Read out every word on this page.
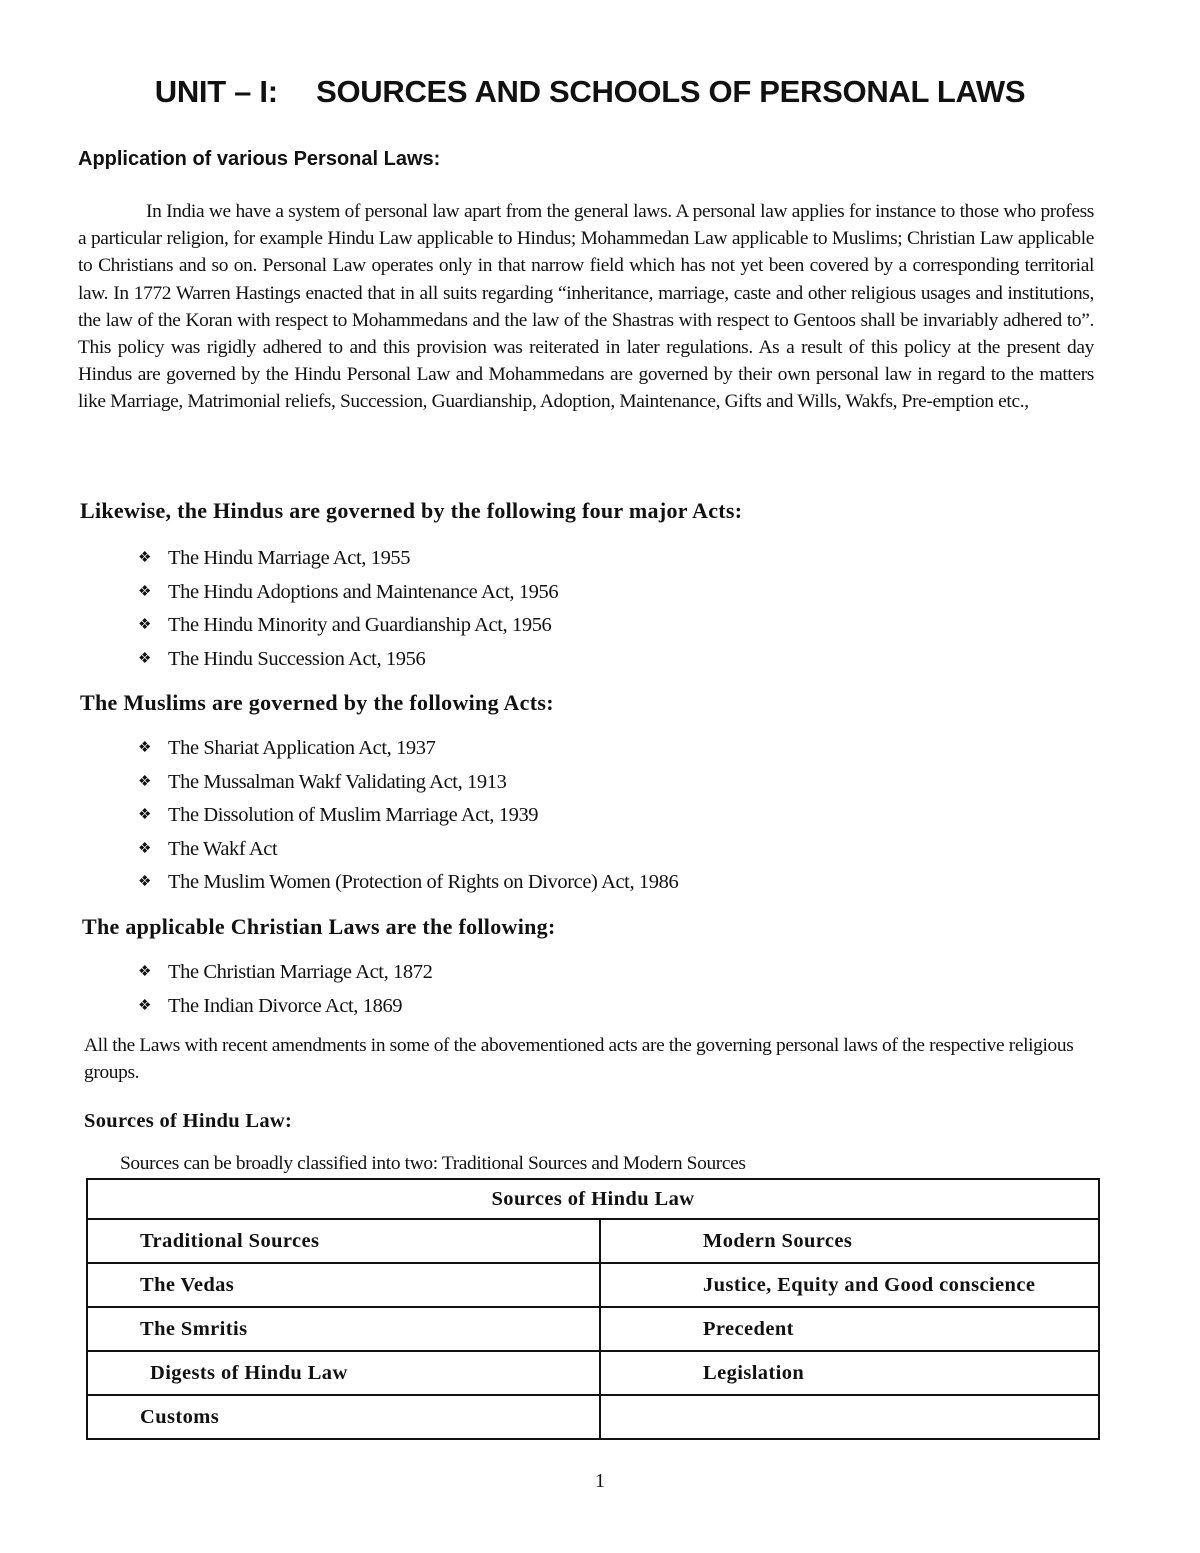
UNIT – I: SOURCES AND SCHOOLS OF PERSONAL LAWS
Application of various Personal Laws:
In India we have a system of personal law apart from the general laws. A personal law applies for instance to those who profess a particular religion, for example Hindu Law applicable to Hindus; Mohammedan Law applicable to Muslims; Christian Law applicable to Christians and so on. Personal Law operates only in that narrow field which has not yet been covered by a corresponding territorial law. In 1772 Warren Hastings enacted that in all suits regarding “inheritance, marriage, caste and other religious usages and institutions, the law of the Koran with respect to Mohammedans and the law of the Shastras with respect to Gentoos shall be invariably adhered to”. This policy was rigidly adhered to and this provision was reiterated in later regulations. As a result of this policy at the present day Hindus are governed by the Hindu Personal Law and Mohammedans are governed by their own personal law in regard to the matters like Marriage, Matrimonial reliefs, Succession, Guardianship, Adoption, Maintenance, Gifts and Wills, Wakfs, Pre-emption etc.,
Likewise, the Hindus are governed by the following four major Acts:
❖ The Hindu Marriage Act, 1955
❖ The Hindu Adoptions and Maintenance Act, 1956
❖ The Hindu Minority and Guardianship Act, 1956
❖ The Hindu Succession Act, 1956
The Muslims are governed by the following Acts:
❖ The Shariat Application Act, 1937
❖ The Mussalman Wakf Validating Act, 1913
❖ The Dissolution of Muslim Marriage Act, 1939
❖ The Wakf Act
❖ The Muslim Women (Protection of Rights on Divorce) Act, 1986
The applicable Christian Laws are the following:
❖ The Christian Marriage Act, 1872
❖ The Indian Divorce Act, 1869
All the Laws with recent amendments in some of the abovementioned acts are the governing personal laws of the respective religious groups.
Sources of Hindu Law:
Sources can be broadly classified into two: Traditional Sources and Modern Sources
Sources of Hindu Law	
Traditional Sources	Modern Sources
The Vedas	Justice, Equity and Good conscience
The Smritis	Precedent
Digests of Hindu Law	Legislation
Customs	
1
